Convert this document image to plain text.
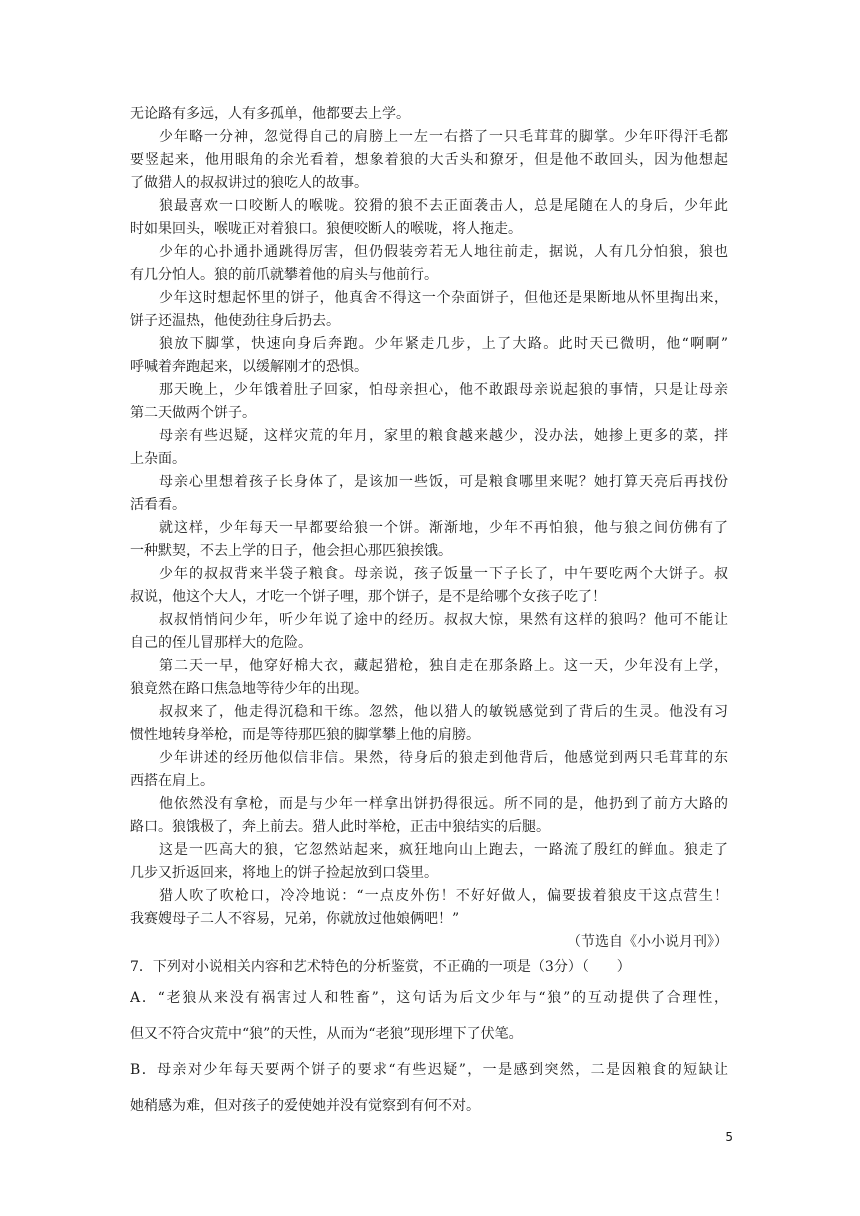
无论路有多远，人有多孤单，他都要去上学。
少年略一分神，忽觉得自己的肩膀上一左一右搭了一只毛茸茸的脚掌。少年吓得汗毛都
要竖起来，他用眼角的余光看着，想象着狼的大舌头和獠牙，但是他不敢回头，因为他想起
了做猎人的叔叔讲过的狼吃人的故事。
狼最喜欢一口咬断人的喉咙。狡猾的狼不去正面袭击人，总是尾随在人的身后，少年此
时如果回头，喉咙正对着狼口。狼便咬断人的喉咙，将人拖走。
少年的心扑通扑通跳得厉害，但仍假装旁若无人地往前走，据说，人有几分怕狼，狼也
有几分怕人。狼的前爪就攀着他的肩头与他前行。
少年这时想起怀里的饼子，他真舍不得这一个杂面饼子，但他还是果断地从怀里掏出来，
饼子还温热，他使劲往身后扔去。
狼放下脚掌，快速向身后奔跑。少年紧走几步，上了大路。此时天已微明，他“啊啊”
呼喊着奔跑起来，以缓解刚才的恐惧。
那天晚上，少年饿着肚子回家，怕母亲担心，他不敢跟母亲说起狼的事情，只是让母亲
第二天做两个饼子。
母亲有些迟疑，这样灾荒的年月，家里的粮食越来越少，没办法，她掺上更多的菜，拌
上杂面。
母亲心里想着孩子长身体了，是该加一些饭，可是粮食哪里来呢？她打算天亮后再找份
活看看。
就这样，少年每天一早都要给狼一个饼。渐渐地，少年不再怕狼，他与狼之间仿佛有了
一种默契，不去上学的日子，他会担心那匹狼挨饿。
少年的叔叔背来半袋子粮食。母亲说，孩子饭量一下子长了，中午要吃两个大饼子。叔
叔说，他这个大人，才吃一个饼子哩，那个饼子，是不是给哪个女孩子吃了！
叔叔悄悄问少年，听少年说了途中的经历。叔叔大惊，果然有这样的狼吗？他可不能让
自己的侄儿冒那样大的危险。
第二天一早，他穿好棉大衣，藏起猎枪，独自走在那条路上。这一天，少年没有上学，
狼竟然在路口焦急地等待少年的出现。
叔叔来了，他走得沉稳和干练。忽然，他以猎人的敏锐感觉到了背后的生灵。他没有习
惯性地转身举枪，而是等待那匹狼的脚掌攀上他的肩膀。
少年讲述的经历他似信非信。果然，待身后的狼走到他背后，他感觉到两只毛茸茸的东
西搭在肩上。
他依然没有拿枪，而是与少年一样拿出饼扔得很远。所不同的是，他扔到了前方大路的
路口。狼饿极了，奔上前去。猎人此时举枪，正击中狼结实的后腿。
这是一匹高大的狼，它忽然站起来，疯狂地向山上跑去，一路流了殷红的鲜血。狼走了
几步又折返回来，将地上的饼子捡起放到口袋里。
猎人吹了吹枪口，冷冷地说：“一点皮外伤！不好好做人，偏要拔着狼皮干这点营生！
我赛嫂母子二人不容易，兄弟，你就放过他娘俩吧！”
（节选自《小小说月刊》）
7．下列对小说相关内容和艺术特色的分析鉴赏，不正确的一项是（3分）（　　）
A．“老狼从来没有祸害过人和牲畜”，这句话为后文少年与“狼”的互动提供了合理性，
但又不符合灾荒中“狼”的天性，从而为“老狼”现形埋下了伏笔。
B．母亲对少年每天要两个饼子的要求“有些迟疑”，一是感到突然，二是因粮食的短缺让
她稍感为难，但对孩子的爱使她并没有觉察到有何不对。
5
